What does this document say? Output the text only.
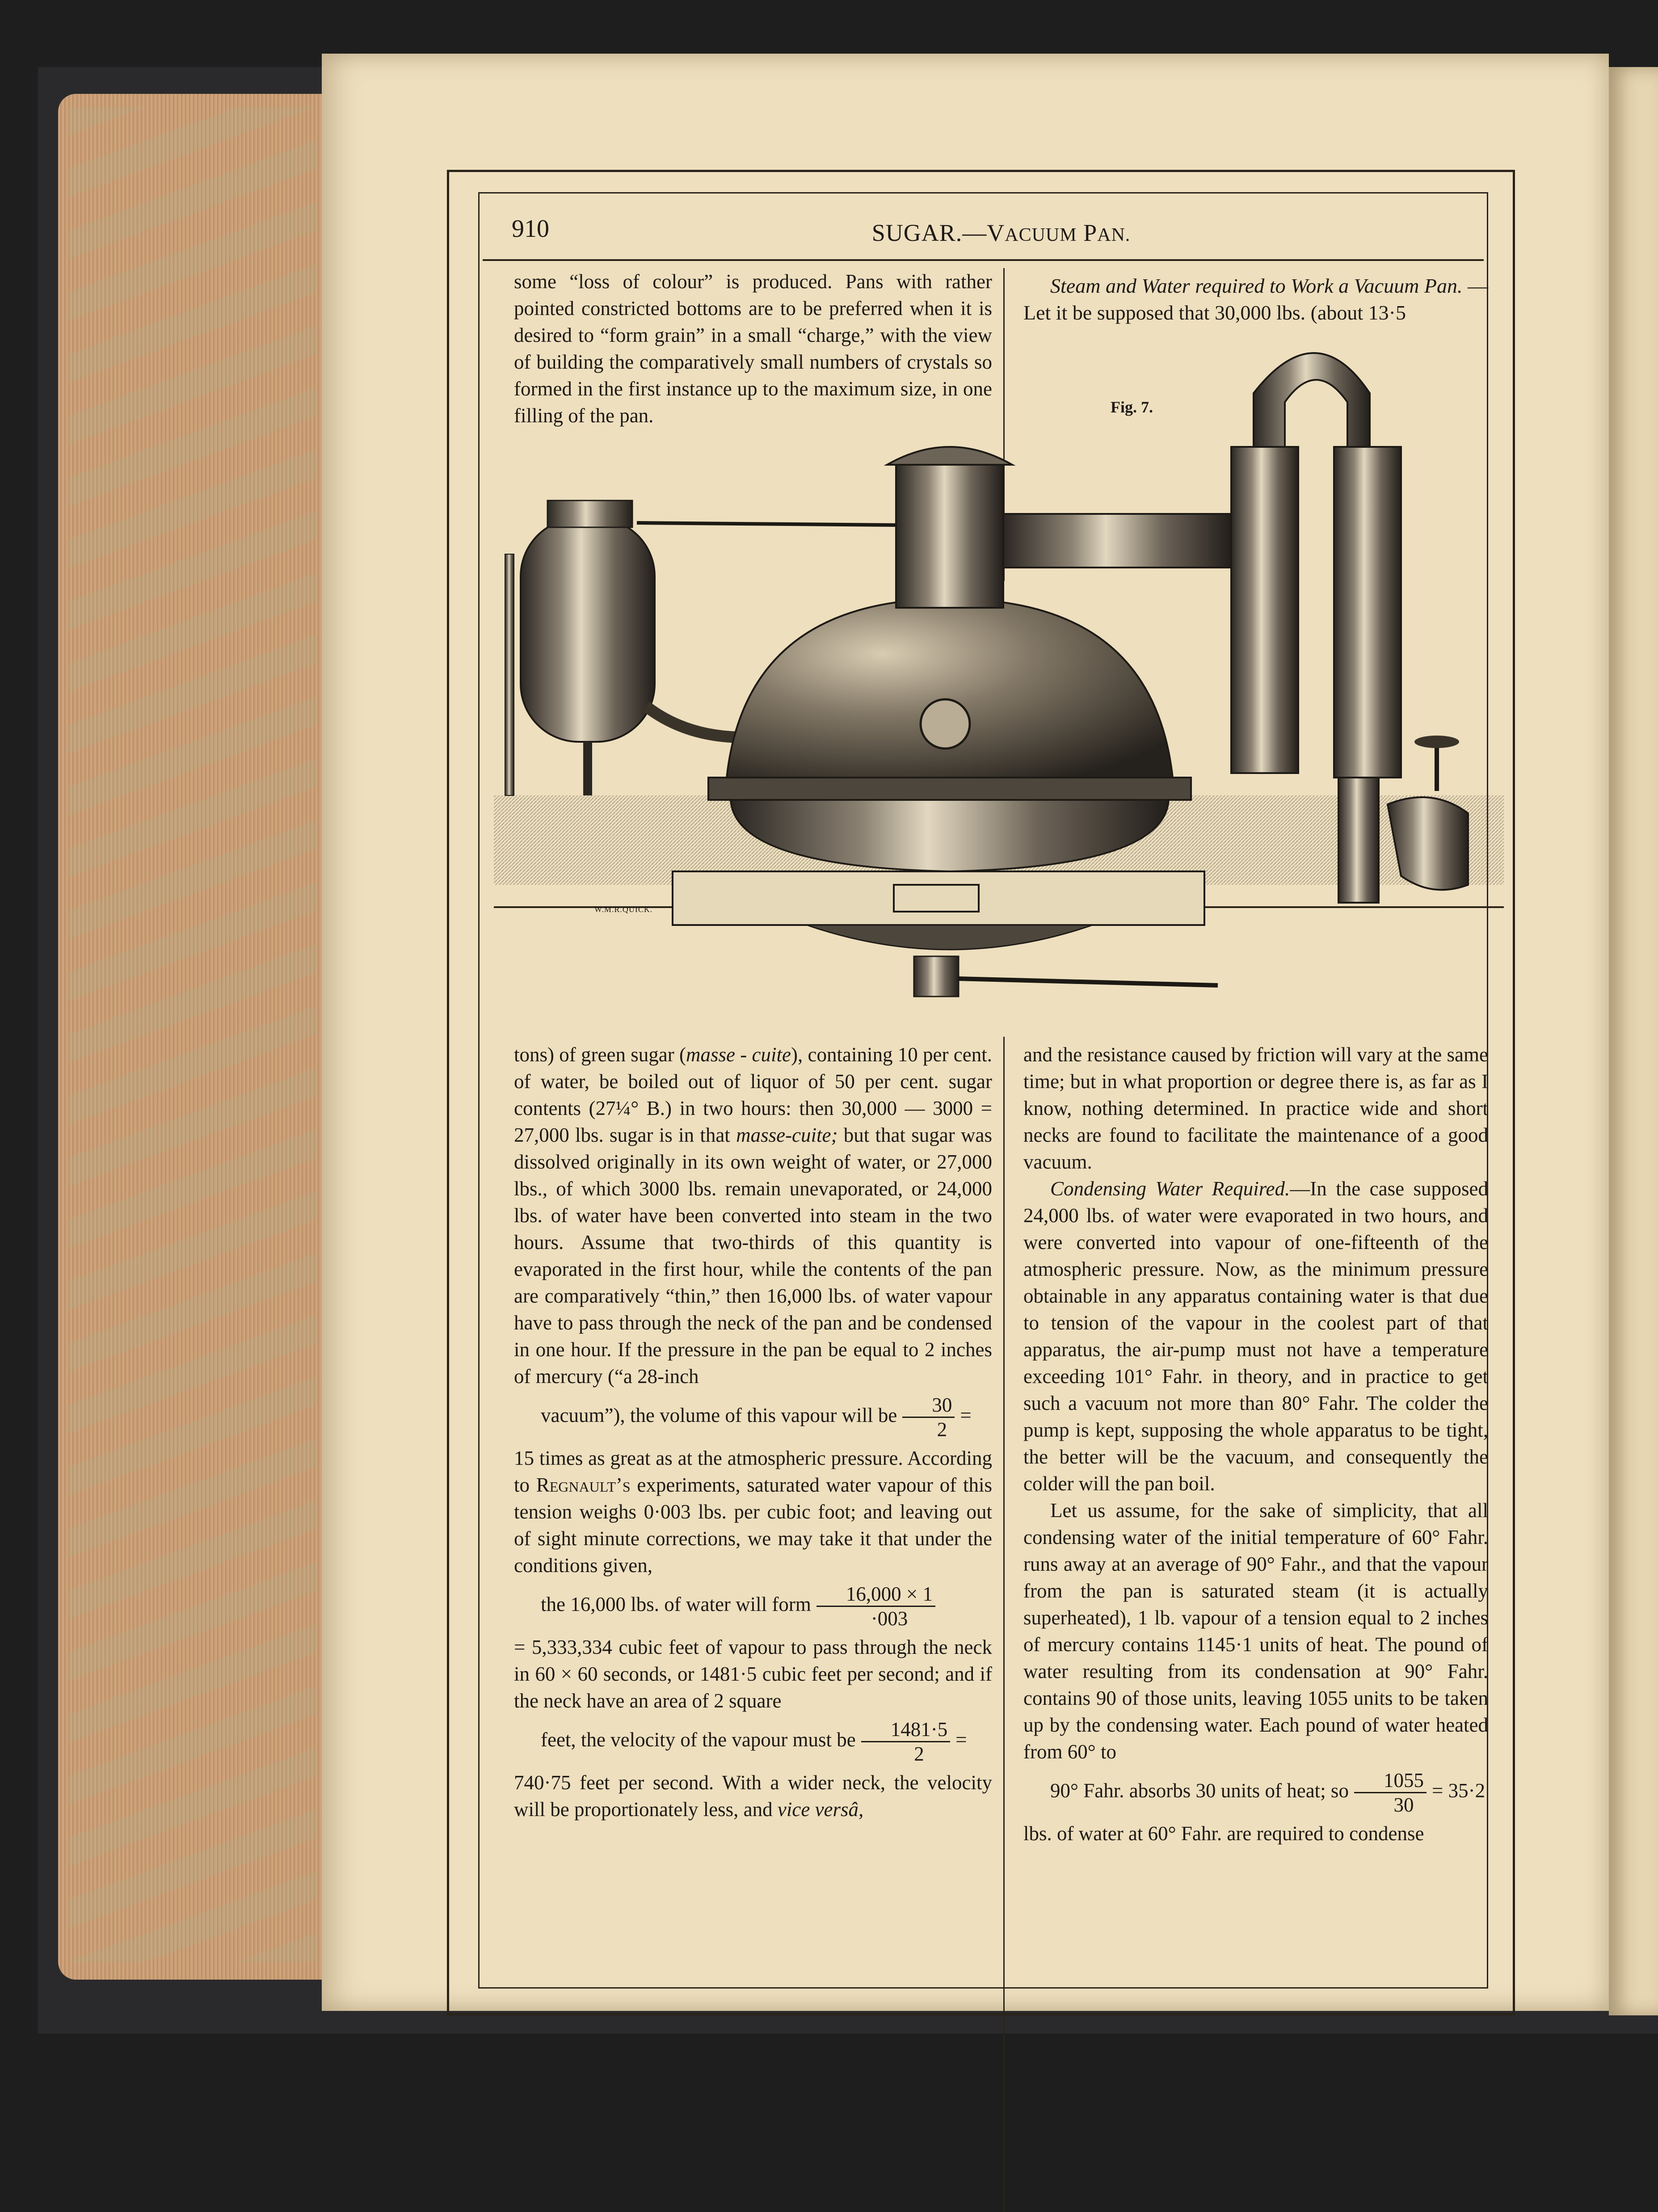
910	SUGAR.—VACUUM PAN.

some “loss of colour” is produced. Pans with rather pointed constricted bottoms are to be preferred when it is desired to “form grain” in a small “charge,” with the view of building the comparatively small numbers of crystals so formed in the first instance up to the maximum size, in one filling of the pan.

Steam and Water required to Work a Vacuum Pan. —Let it be supposed that 30,000 lbs. (about 13·5

Fig. 7.
W.M.R.QUICK.

tons) of green sugar (masse - cuite), containing 10 per cent. of water, be boiled out of liquor of 50 per cent. sugar contents (27¼° B.) in two hours: then 30,000 — 3000 = 27,000 lbs. sugar is in that masse-cuite; but that sugar was dissolved originally in its own weight of water, or 27,000 lbs., of which 3000 lbs. remain unevaporated, or 24,000 lbs. of water have been converted into steam in the two hours. Assume that two-thirds of this quantity is evaporated in the first hour, while the contents of the pan are comparatively “thin,” then 16,000 lbs. of water vapour have to pass through the neck of the pan and be condensed in one hour. If the pressure in the pan be equal to 2 inches of mercury (“a 28-inch

vacuum”), the volume of this vapour will be $\frac{30}{2}$ =

15 times as great as at the atmospheric pressure. According to Regnault’s experiments, saturated water vapour of this tension weighs 0·003 lbs. per cubic foot; and leaving out of sight minute corrections, we may take it that under the conditions given,

the 16,000 lbs. of water will form $\frac{16,000 \times 1}{\cdot 003}$

= 5,333,334 cubic feet of vapour to pass through the neck in 60 × 60 seconds, or 1481·5 cubic feet per second; and if the neck have an area of 2 square

feet, the velocity of the vapour must be $\frac{1481\cdot 5}{2}$ =

740·75 feet per second. With a wider neck, the velocity will be proportionately less, and vice versâ,

and the resistance caused by friction will vary at the same time; but in what proportion or degree there is, as far as I know, nothing determined. In practice wide and short necks are found to facilitate the maintenance of a good vacuum.

Condensing Water Required.—In the case supposed 24,000 lbs. of water were evaporated in two hours, and were converted into vapour of one-fifteenth of the atmospheric pressure. Now, as the minimum pressure obtainable in any apparatus containing water is that due to tension of the vapour in the coolest part of that apparatus, the air-pump must not have a temperature exceeding 101° Fahr. in theory, and in practice to get such a vacuum not more than 80° Fahr. The colder the pump is kept, supposing the whole apparatus to be tight, the better will be the vacuum, and consequently the colder will the pan boil.

Let us assume, for the sake of simplicity, that all condensing water of the initial temperature of 60° Fahr. runs away at an average of 90° Fahr., and that the vapour from the pan is saturated steam (it is actually superheated), 1 lb. vapour of a tension equal to 2 inches of mercury contains 1145·1 units of heat. The pound of water resulting from its condensation at 90° Fahr. contains 90 of those units, leaving 1055 units to be taken up by the condensing water. Each pound of water heated from 60° to

90° Fahr. absorbs 30 units of heat; so $\frac{1055}{30} = 35\cdot 2$

lbs. of water at 60° Fahr. are required to condense
